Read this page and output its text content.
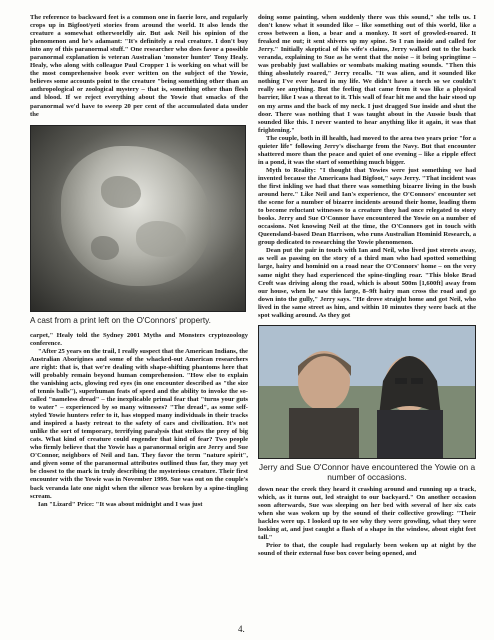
The reference to backward feet is a common one in faerie lore, and regularly crops up in Bigfoot/yeti stories from around the world. It also lends the creature a somewhat otherworldly air. But ask Neil his opinion of the phenomenon and he's adamant: "It's definitely a real creature. I don't buy into any of this paranormal stuff." One researcher who does favor a possible paranormal explanation is veteran Australian 'monster hunter' Tony Healy. Healy, who along with colleague Paul Cropper 1 is working on what will be the most comprehensive book ever written on the subject of the Yowie, believes some accounts point to the creature "being something other than an anthropological or zoological mystery – that is, something other than flesh and blood. If we reject everything about the Yowie that smacks of the paranormal we'd have to sweep 20 per cent of the accumulated data under the
A cast from a print left on the O'Connors' property.
carpet," Healy told the Sydney 2001 Myths and Monsters cryptozoology conference.
"After 25 years on the trail, I really suspect that the American Indians, the Australian Aborigines and some of the whacked-out American researchers are right: that is, that we're dealing with shape-shifting phantoms here that will probably remain beyond human comprehension. "How else to explain the vanishing acts, glowing red eyes (in one encounter described as "the size of tennis balls"), superhuman feats of speed and the ability to invoke the so-called "nameless dread" – the inexplicable primal fear that "turns your guts to water" – experienced by so many witnesses? "The dread", as some self-styled Yowie hunters refer to it, has stopped many individuals in their tracks and inspired a hasty retreat to the safety of cars and civilization. It's not unlike the sort of temporary, terrifying paralysis that strikes the prey of big cats. What kind of creature could engender that kind of fear? Two people who firmly believe that the Yowie has a paranormal origin are Jerry and Sue O'Connor, neighbors of Neil and Ian. They favor the term "nature spirit", and given some of the paranormal attributes outlined thus far, they may yet be closest to the mark in truly describing the mysterious creature. Their first encounter with the Yowie was in November 1999. Sue was out on the couple's back veranda late one night when the silence was broken by a spine-tingling scream.
Ian "Lizard" Price: "It was about midnight and I was just
doing some painting, when suddenly there was this sound," she tells us. I don't know what it sounded like – like something out of this world, like a cross between a lion, a bear and a monkey. It sort of growled-roared. It freaked me out; it sent shivers up my spine. So I ran inside and called for Jerry." Initially skeptical of his wife's claims, Jerry walked out to the back veranda, explaining to Sue as he went that the noise – it being springtime – was probably just wallabies or wombats making mating sounds. "Then this thing absolutely roared," Jerry recalls. "It was alien, and it sounded like nothing I've ever heard in my life. We didn't have a torch so we couldn't really see anything. But the feeling that came from it was like a physical barrier, like I was a threat to it. This wall of fear hit me and the hair stood up on my arms and the back of my neck. I just dragged Sue inside and shut the door. There was nothing that I was taught about in the Aussie bush that sounded like this. I never wanted to hear anything like it again, it was that frightening."
The couple, both in ill health, had moved to the area two years prior "for a quieter life" following Jerry's discharge from the Navy. But that encounter shattered more than the peace and quiet of one evening – like a ripple effect in a pond, it was the start of something much bigger.
Myth to Reality: "I thought that Yowies were just something we had invented because the Americans had Bigfoot," says Jerry. "That incident was the first inkling we had that there was something bizarre living in the bush around here." Like Neil and Ian's experience, the O'Connors' encounter set the scene for a number of bizarre incidents around their home, leading them to become reluctant witnesses to a creature they had once relegated to story books. Jerry and Sue O'Connor have encountered the Yowie on a number of occasions. Not knowing Neil at the time, the O'Connors got in touch with Queensland-based Dean Harrison, who runs Australian Hominid Research, a group dedicated to researching the Yowie phenomenon.
Dean put the pair in touch with Ian and Neil, who lived just streets away, as well as passing on the story of a third man who had spotted something large, hairy and hominid on a road near the O'Connors' home – on the very same night they had experienced the spine-tingling roar. "This bloke Brad Croft was driving along the road, which is about 500m [1,600ft] away from our house, when he saw this large, 8–9ft hairy man cross the road and go down into the gully," Jerry says. "He drove straight home and got Neil, who lived in the same street as him, and within 10 minutes they were back at the spot walking around. As they got
Jerry and Sue O'Connor have encountered the Yowie on a number of occasions.
down near the creek they heard it crashing around and running up a track, which, as it turns out, led straight to our backyard." On another occasion soon afterwards, Sue was sleeping on her bed with several of her six cats when she was woken up by the sound of their collective growling: "Their hackles were up. I looked up to see why they were growling, what they were looking at, and just caught a flash of a shape in the window, about eight feet tall."
Prior to that, the couple had regularly been woken up at night by the sound of their external fuse box cover being opened, and
4.
